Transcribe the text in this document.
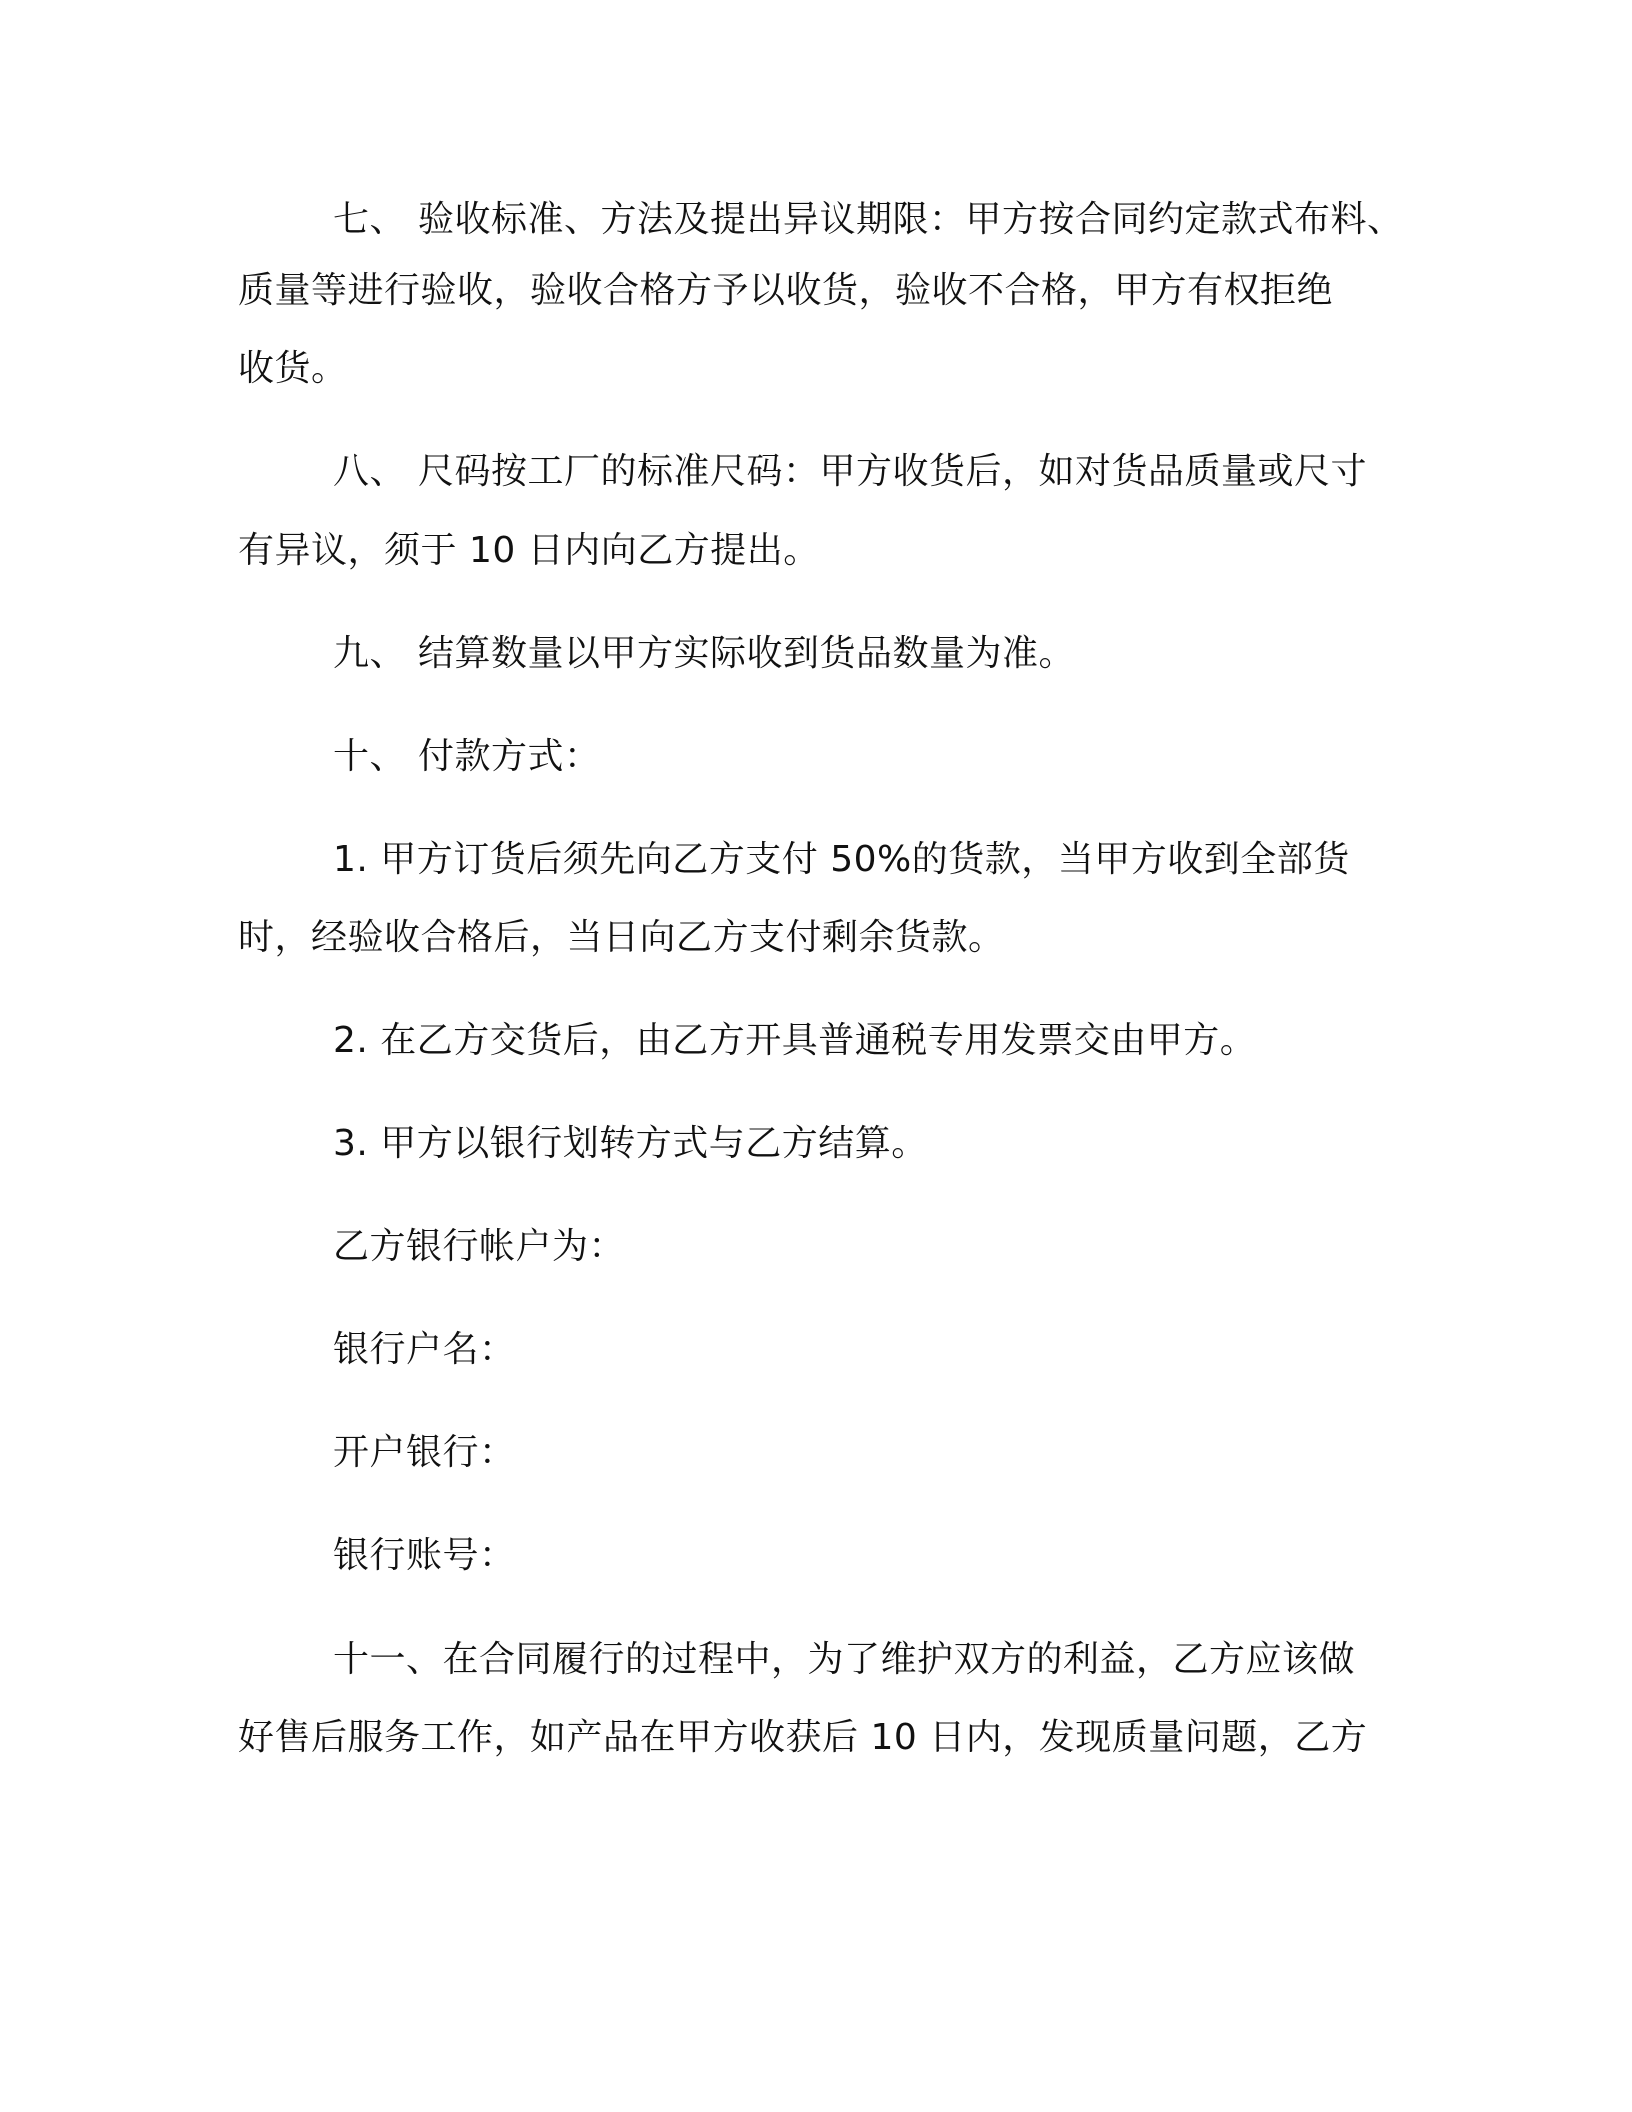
七、 验收标准、方法及提出异议期限：甲方按合同约定款式布料、
质量等进行验收，验收合格方予以收货，验收不合格，甲方有权拒绝
收货。
八、 尺码按工厂的标准尺码：甲方收货后，如对货品质量或尺寸
有异议，须于 10 日内向乙方提出。
九、 结算数量以甲方实际收到货品数量为准。
十、 付款方式：
1. 甲方订货后须先向乙方支付 50%的货款，当甲方收到全部货
时，经验收合格后，当日向乙方支付剩余货款。
2. 在乙方交货后，由乙方开具普通税专用发票交由甲方。
3. 甲方以银行划转方式与乙方结算。
乙方银行帐户为：
银行户名：
开户银行：
银行账号：
十一、在合同履行的过程中，为了维护双方的利益，乙方应该做
好售后服务工作，如产品在甲方收获后 10 日内，发现质量问题，乙方
